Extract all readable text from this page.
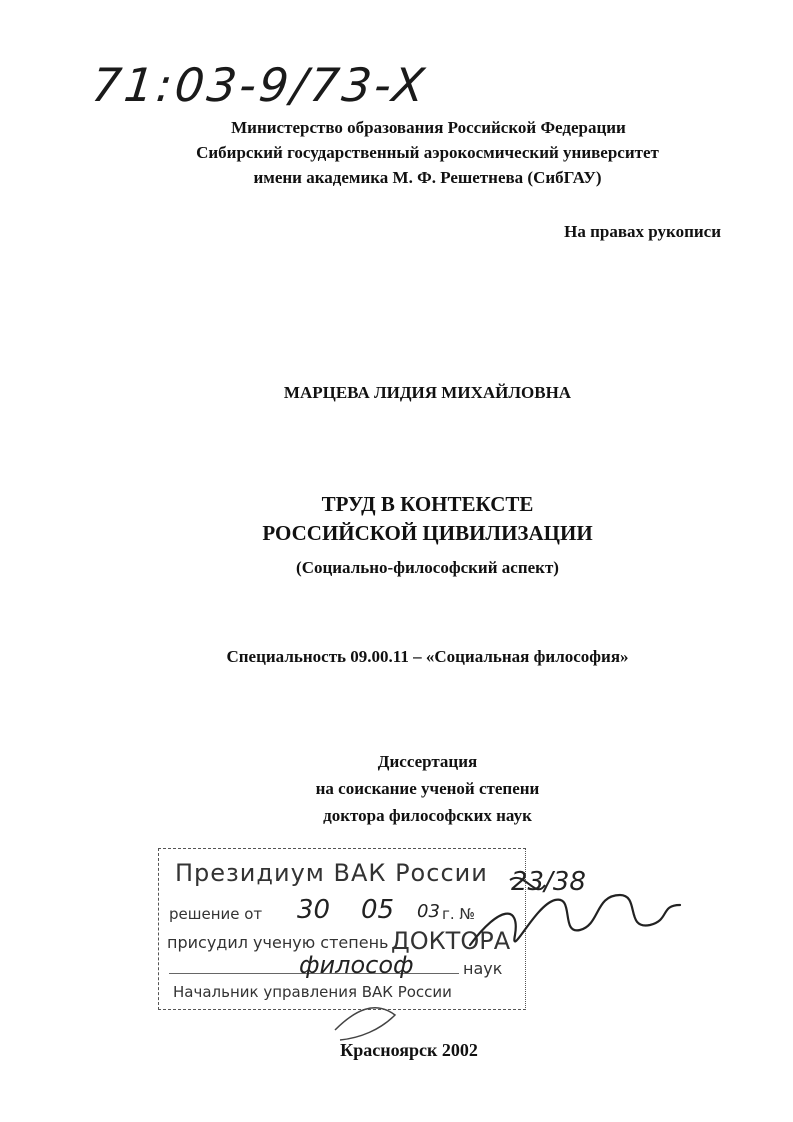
71:03-9/73-X
Министерство образования Российской Федерации
Сибирский государственный аэрокосмический университет
имени академика М. Ф. Решетнева (СибГАУ)
На правах рукописи
МАРЦЕВА ЛИДИЯ МИХАЙЛОВНА
ТРУД В КОНТЕКСТЕ
РОССИЙСКОЙ ЦИВИЛИЗАЦИИ
(Социально-философский аспект)
Специальность 09.00.11 – «Социальная философия»
Диссертация
на соискание ученой степени
доктора философских наук
Президиум ВАК России
решение от 30 05 03 г. №
23/38
присудил ученую степень ДОКТОРА
философ	наук
Начальник управления ВАК России
Красноярск 2002
